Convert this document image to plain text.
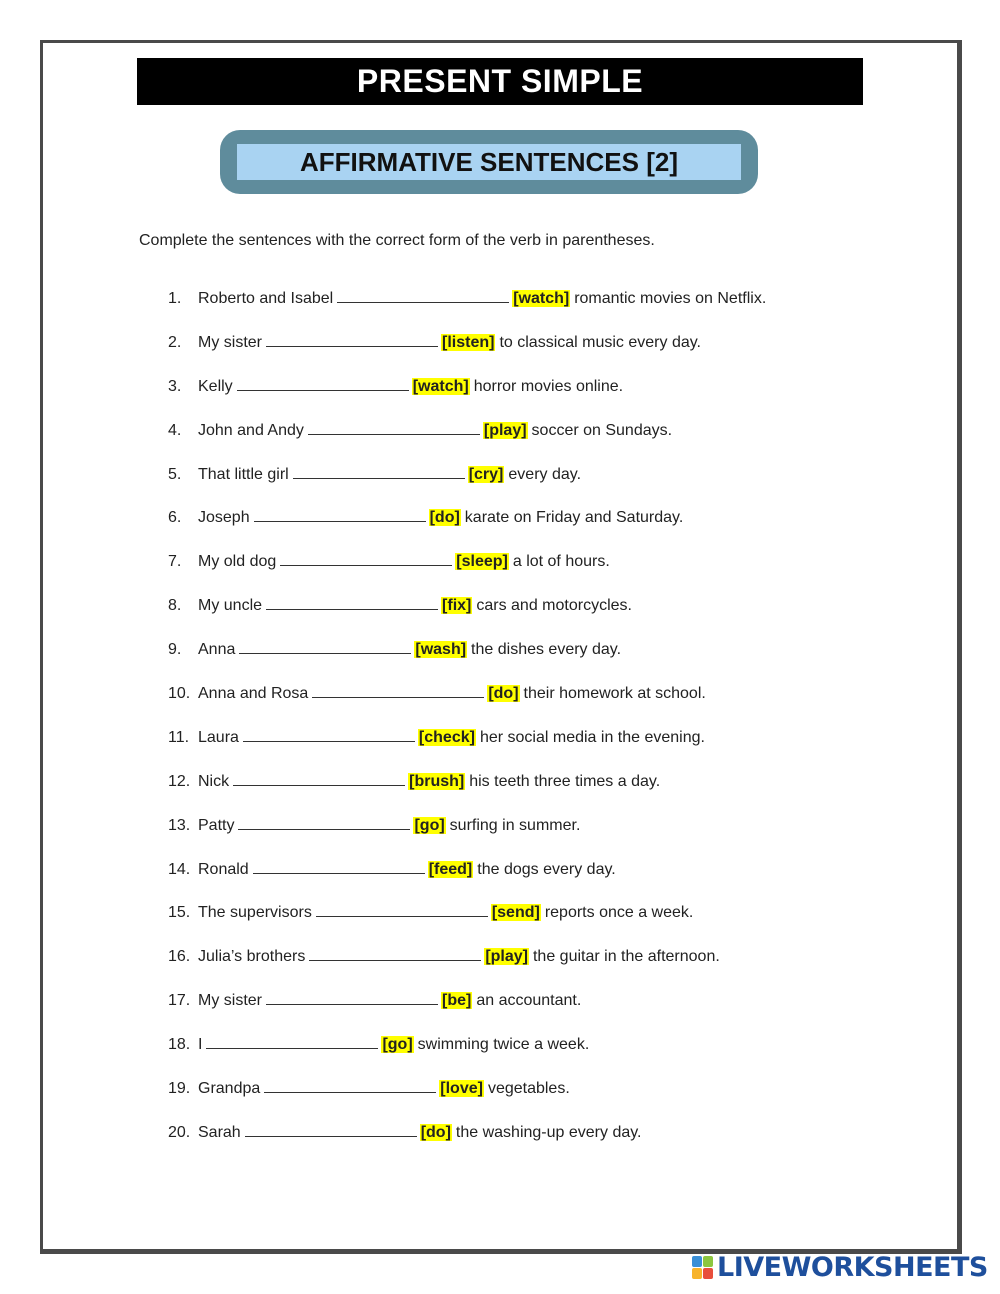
PRESENT SIMPLE
AFFIRMATIVE SENTENCES [2]
Complete the sentences with the correct form of the verb in parentheses.
1. Roberto and Isabel	[watch] romantic movies on Netflix.
2. My sister	[listen] to classical music every day.
3. Kelly	[watch] horror movies online.
4. John and Andy	[play] soccer on Sundays.
5. That little girl	[cry] every day.
6. Joseph	[do] karate on Friday and Saturday.
7. My old dog	[sleep] a lot of hours.
8. My uncle	[fix] cars and motorcycles.
9. Anna	[wash] the dishes every day.
10. Anna and Rosa	[do] their homework at school.
11. Laura	[check] her social media in the evening.
12. Nick	[brush] his teeth three times a day.
13. Patty	[go] surfing in summer.
14. Ronald	[feed] the dogs every day.
15. The supervisors	[send] reports once a week.
16. Julia’s brothers	[play] the guitar in the afternoon.
17. My sister	[be] an accountant.
18. I	[go] swimming twice a week.
19. Grandpa	[love] vegetables.
20. Sarah	[do] the washing-up every day.
LIVEWORKSHEETS
